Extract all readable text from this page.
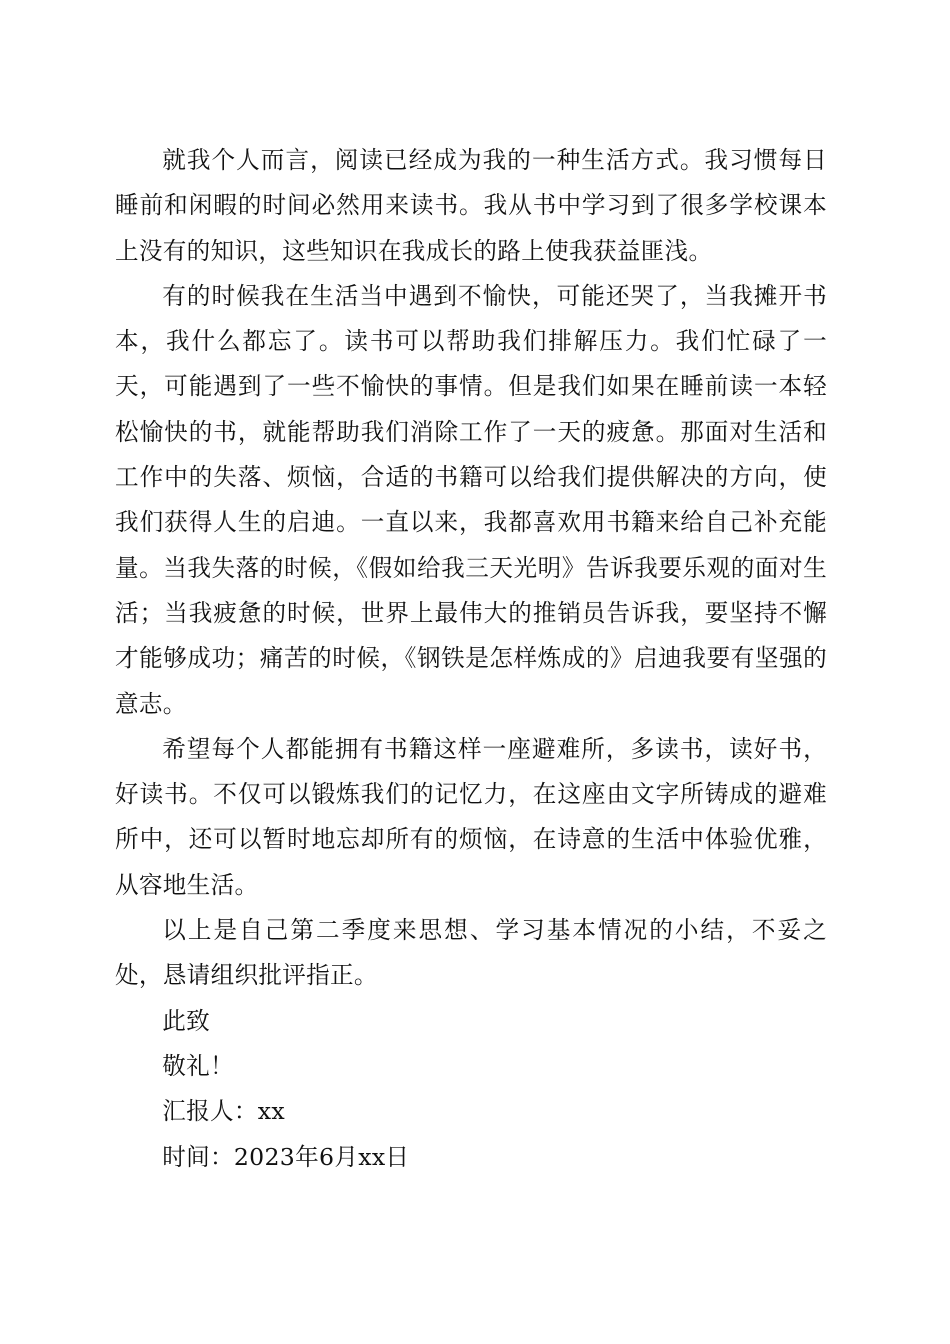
就我个人而言，阅读已经成为我的一种生活方式。我习惯每日睡前和闲暇的时间必然用来读书。我从书中学习到了很多学校课本上没有的知识，这些知识在我成长的路上使我获益匪浅。

有的时候我在生活当中遇到不愉快，可能还哭了，当我摊开书本，我什么都忘了。读书可以帮助我们排解压力。我们忙碌了一天，可能遇到了一些不愉快的事情。但是我们如果在睡前读一本轻松愉快的书，就能帮助我们消除工作了一天的疲惫。那面对生活和工作中的失落、烦恼，合适的书籍可以给我们提供解决的方向，使我们获得人生的启迪。一直以来，我都喜欢用书籍来给自己补充能量。当我失落的时候，《假如给我三天光明》告诉我要乐观的面对生活；当我疲惫的时候，世界上最伟大的推销员告诉我，要坚持不懈才能够成功；痛苦的时候，《钢铁是怎样炼成的》启迪我要有坚强的意志。

希望每个人都能拥有书籍这样一座避难所，多读书，读好书，好读书。不仅可以锻炼我们的记忆力，在这座由文字所铸成的避难所中，还可以暂时地忘却所有的烦恼，在诗意的生活中体验优雅，从容地生活。

以上是自己第二季度来思想、学习基本情况的小结，不妥之处，恳请组织批评指正。

此致

敬礼！

汇报人：xx

时间：2023年6月xx日
